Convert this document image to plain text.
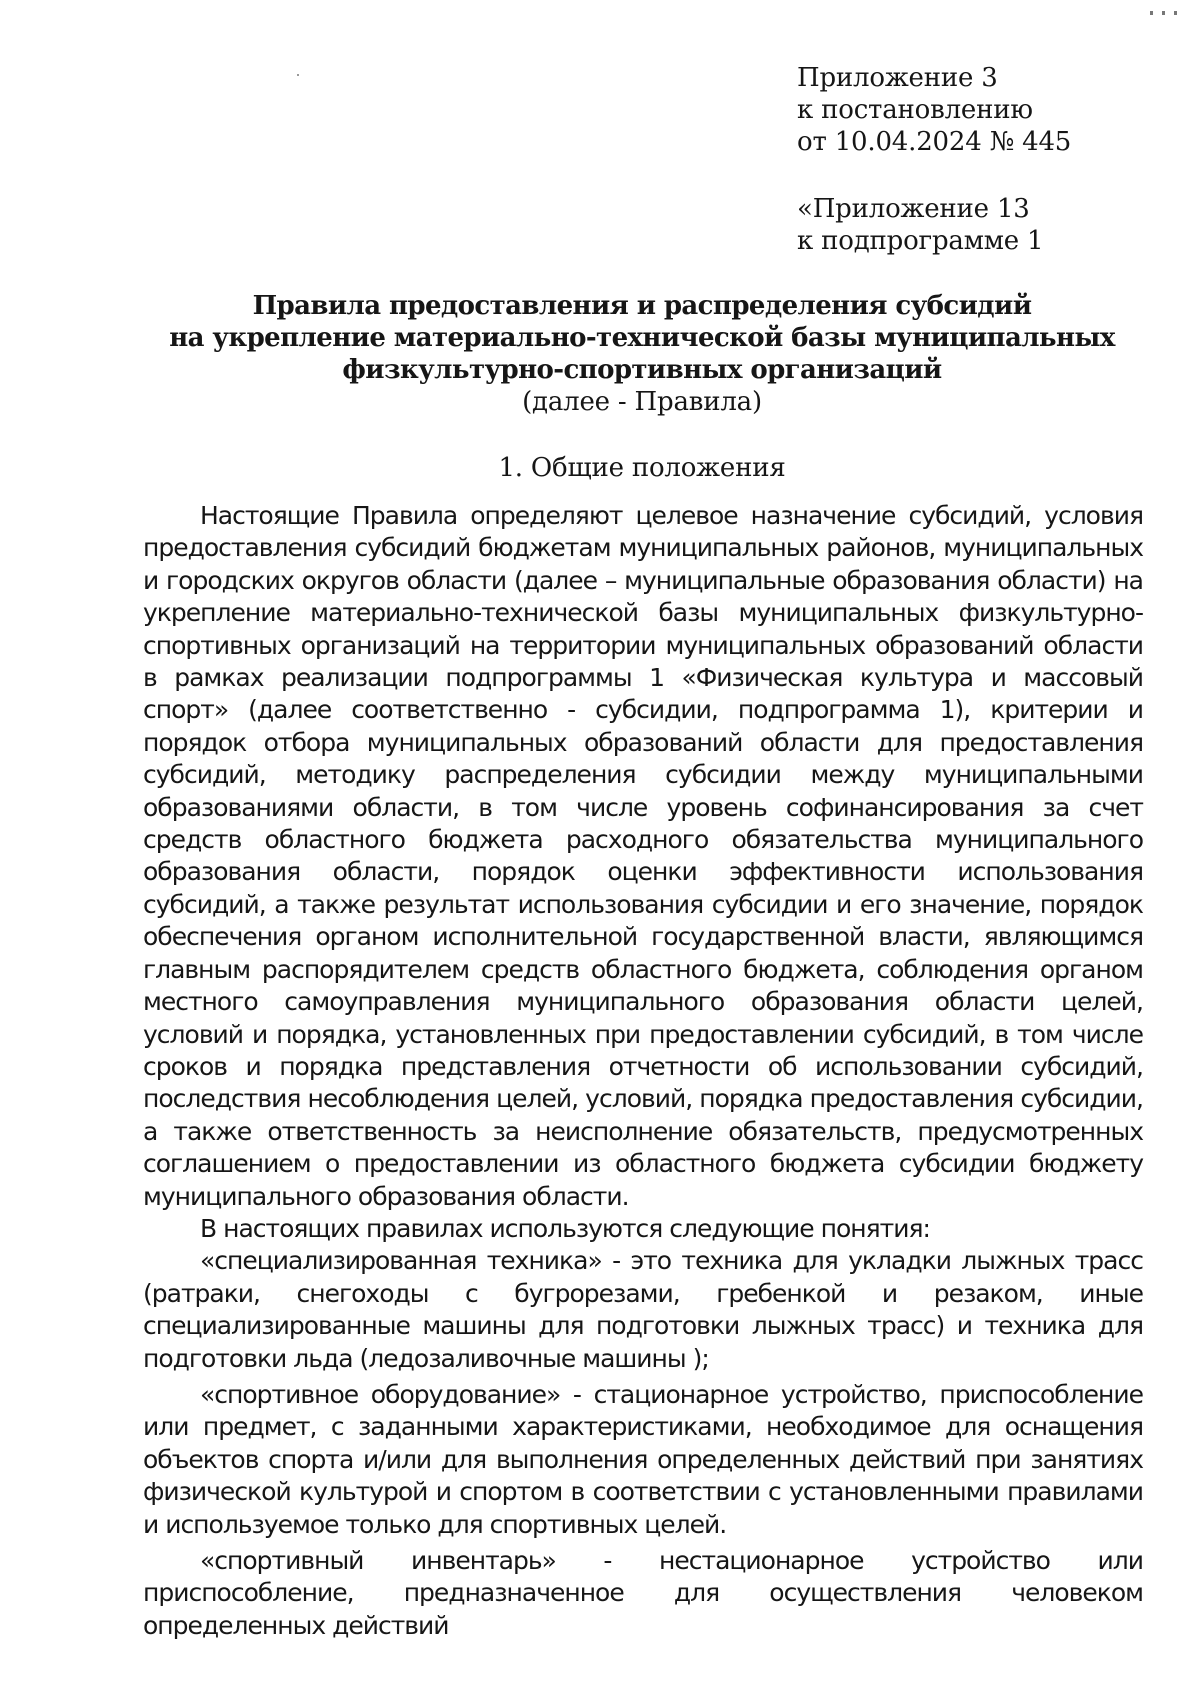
Приложение 3
к постановлению
от 10.04.2024 № 445
«Приложение 13
к подпрограмме 1
Правила предоставления и распределения субсидий
на укрепление материально-технической базы муниципальных
физкультурно-спортивных организаций
(далее - Правила)
1. Общие положения

Настоящие Правила определяют целевое назначение субсидий, условия предоставления субсидий бюджетам муниципальных районов, муниципальных и городских округов области (далее – муниципальные образования области) на укрепление материально-технической базы муниципальных физкультурно-спортивных организаций на территории муниципальных образований области в рамках реализации подпрограммы 1 «Физическая культура и массовый спорт» (далее соответственно - субсидии, подпрограмма 1), критерии и порядок отбора муниципальных образований области для предоставления субсидий, методику распределения субсидии между муниципальными образованиями области, в том числе уровень софинансирования за счет средств областного бюджета расходного обязательства муниципального образования области, порядок оценки эффективности использования субсидий, а также результат использования субсидии и его значение, порядок обеспечения органом исполнительной государственной власти, являющимся главным распорядителем средств областного бюджета, соблюдения органом местного самоуправления муниципального образования области целей, условий и порядка, установленных при предоставлении субсидий, в том числе сроков и порядка представления отчетности об использовании субсидий, последствия несоблюдения целей, условий, порядка предоставления субсидии, а также ответственность за неисполнение обязательств, предусмотренных соглашением о предоставлении из областного бюджета субсидии бюджету муниципального образования области.

В настоящих правилах используются следующие понятия:

«специализированная техника» - это техника для укладки лыжных трасс (ратраки, снегоходы с бугрорезами, гребенкой и резаком, иные специализированные машины для подготовки лыжных трасс) и техника для подготовки льда (ледозаливочные машины );

«спортивное оборудование» - стационарное устройство, приспособление или предмет, с заданными характеристиками, необходимое для оснащения объектов спорта и/или для выполнения определенных действий при занятиях физической культурой и спортом в соответствии с установленными правилами и используемое только для спортивных целей.

«спортивный инвентарь» - нестационарное устройство или приспособление, предназначенное для осуществления человеком определенных действий
